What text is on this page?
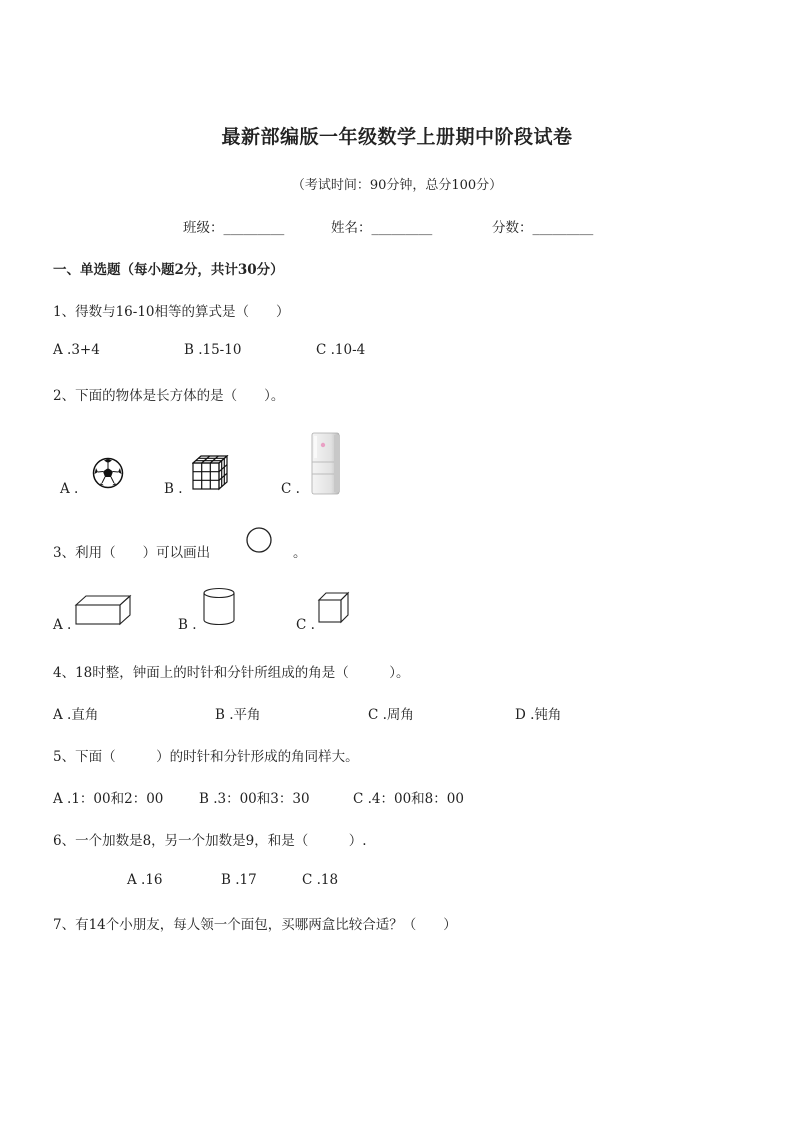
最新部编版一年级数学上册期中阶段试卷
（考试时间：90分钟，总分100分）
班级：_________	姓名：_________	分数：_________
一、单选题（每小题2分，共计30分）
1、得数与16-10相等的算式是（　　）
A .3+4	B .15-10	C .10-4
2、下面的物体是长方体的是（　　）。
A .	B .	C .
3、利用（　　）可以画出	。
A .	B .	C .
4、18时整，钟面上的时针和分针所组成的角是（　　　）。
A .直角	B .平角	C .周角	D .钝角
5、下面（　　　）的时针和分针形成的角同样大。
A .1：00和2：00	B .3：00和3：30	C .4：00和8：00
6、一个加数是8，另一个加数是9，和是（　　　）.
A .16	B .17	C .18
7、有14个小朋友，每人领一个面包，买哪两盒比较合适？（　　）
